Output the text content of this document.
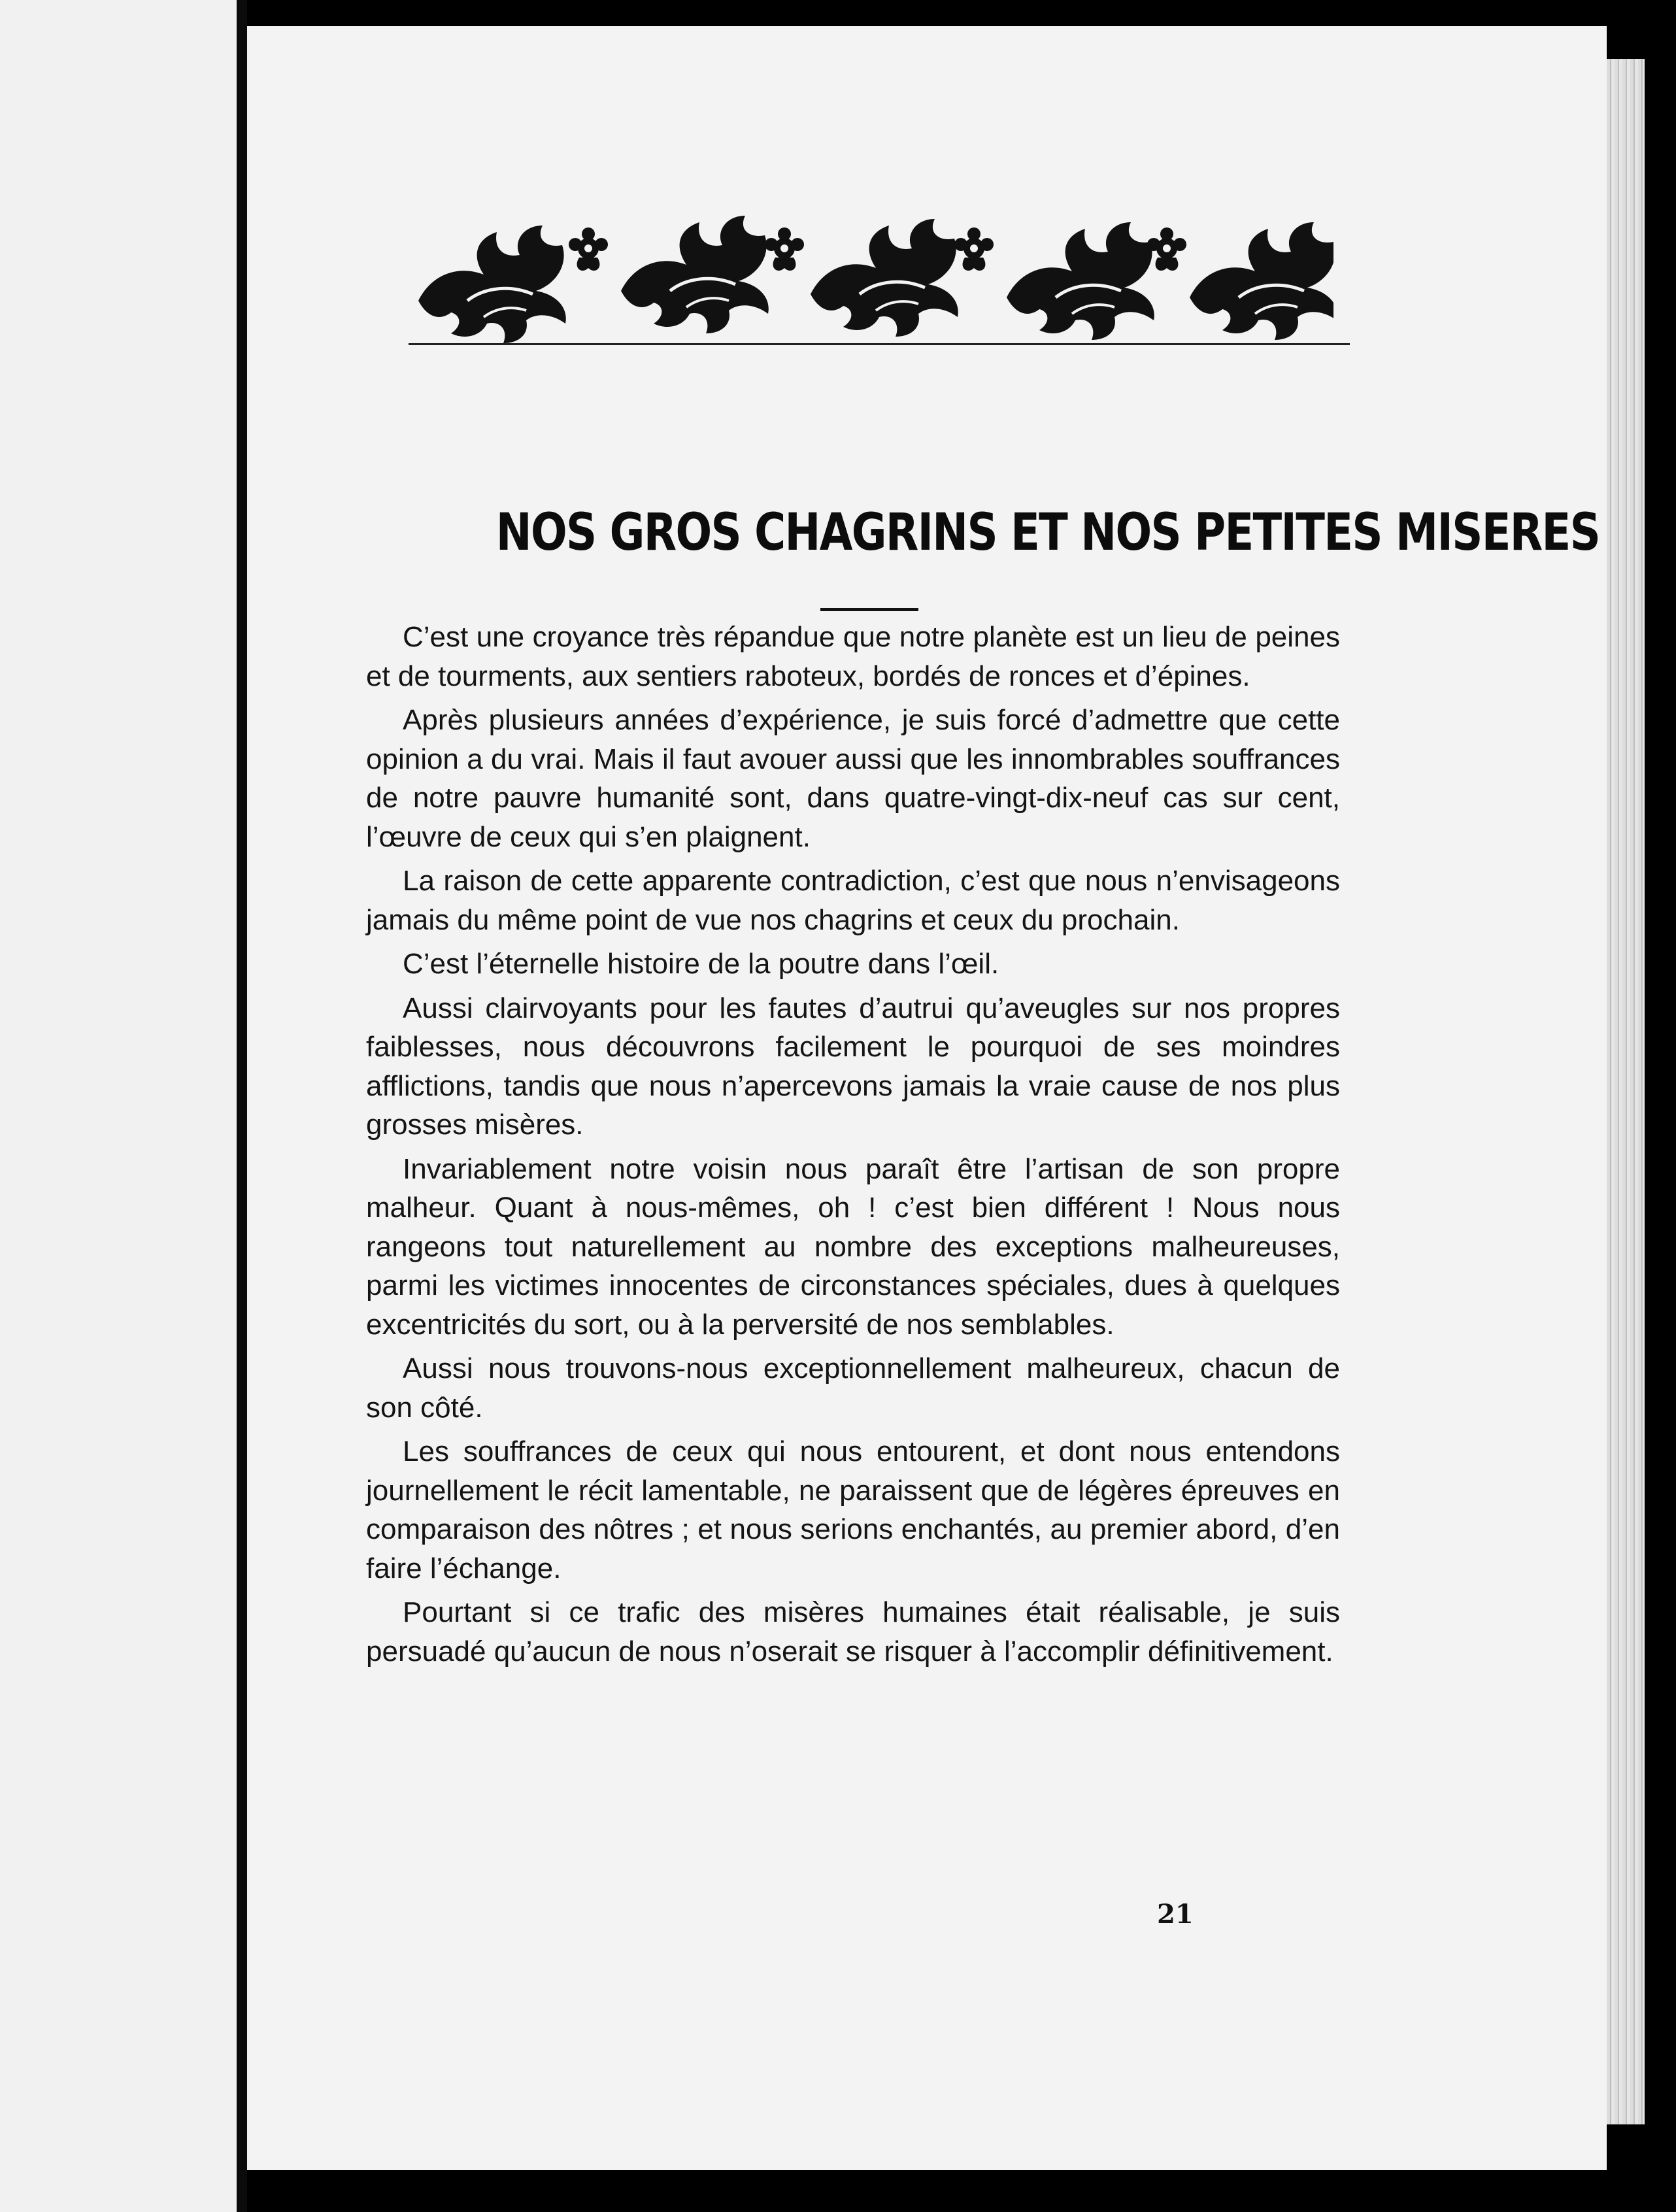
NOS GROS CHAGRINS ET NOS PETITES MISERES

C’est une croyance très répandue que notre planète est un lieu de peines et de tourments, aux sentiers raboteux, bordés de ronces et d’épines.

Après plusieurs années d’expérience, je suis forcé d’admettre que cette opinion a du vrai. Mais il faut avouer aussi que les innombrables souffrances de notre pauvre humanité sont, dans quatre-vingt-dix-neuf cas sur cent, l’œuvre de ceux qui s’en plaignent.

La raison de cette apparente contradiction, c’est que nous n’envisageons jamais du même point de vue nos chagrins et ceux du prochain.

C’est l’éternelle histoire de la poutre dans l’œil.

Aussi clairvoyants pour les fautes d’autrui qu’aveugles sur nos propres faiblesses, nous découvrons facilement le pourquoi de ses moindres afflictions, tandis que nous n’apercevons jamais la vraie cause de nos plus grosses misères.

Invariablement notre voisin nous paraît être l’artisan de son propre malheur. Quant à nous-mêmes, oh ! c’est bien différent ! Nous nous rangeons tout naturellement au nombre des exceptions malheureuses, parmi les victimes innocentes de circonstances spéciales, dues à quelques excentricités du sort, ou à la perversité de nos semblables.

Aussi nous trouvons-nous exceptionnellement malheureux, chacun de son côté.

Les souffrances de ceux qui nous entourent, et dont nous entendons journellement le récit lamentable, ne paraissent que de légères épreuves en comparaison des nôtres ; et nous serions enchantés, au premier abord, d’en faire l’échange.

Pourtant si ce trafic des misères humaines était réalisable, je suis persuadé qu’aucun de nous n’oserait se risquer à l’accomplir définitivement.

21
